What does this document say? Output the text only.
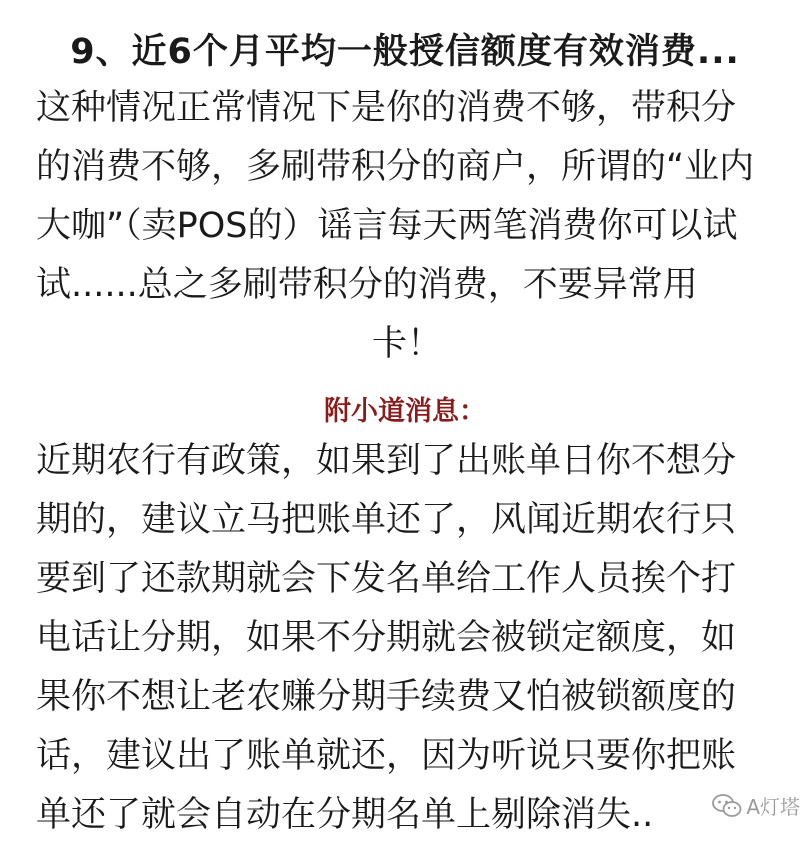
9、近6个月平均一般授信额度有效消费...
这种情况正常情况下是你的消费不够，带积分
的消费不够，多刷带积分的商户，所谓的“业内
大咖”（卖POS的）谣言每天两笔消费你可以试
试......总之多刷带积分的消费，不要异常用
卡！
附小道消息：
近期农行有政策，如果到了出账单日你不想分
期的，建议立马把账单还了，风闻近期农行只
要到了还款期就会下发名单给工作人员挨个打
电话让分期，如果不分期就会被锁定额度，如
果你不想让老农赚分期手续费又怕被锁额度的
话，建议出了账单就还，因为听说只要你把账
单还了就会自动在分期名单上剔除消失..	A灯塔
